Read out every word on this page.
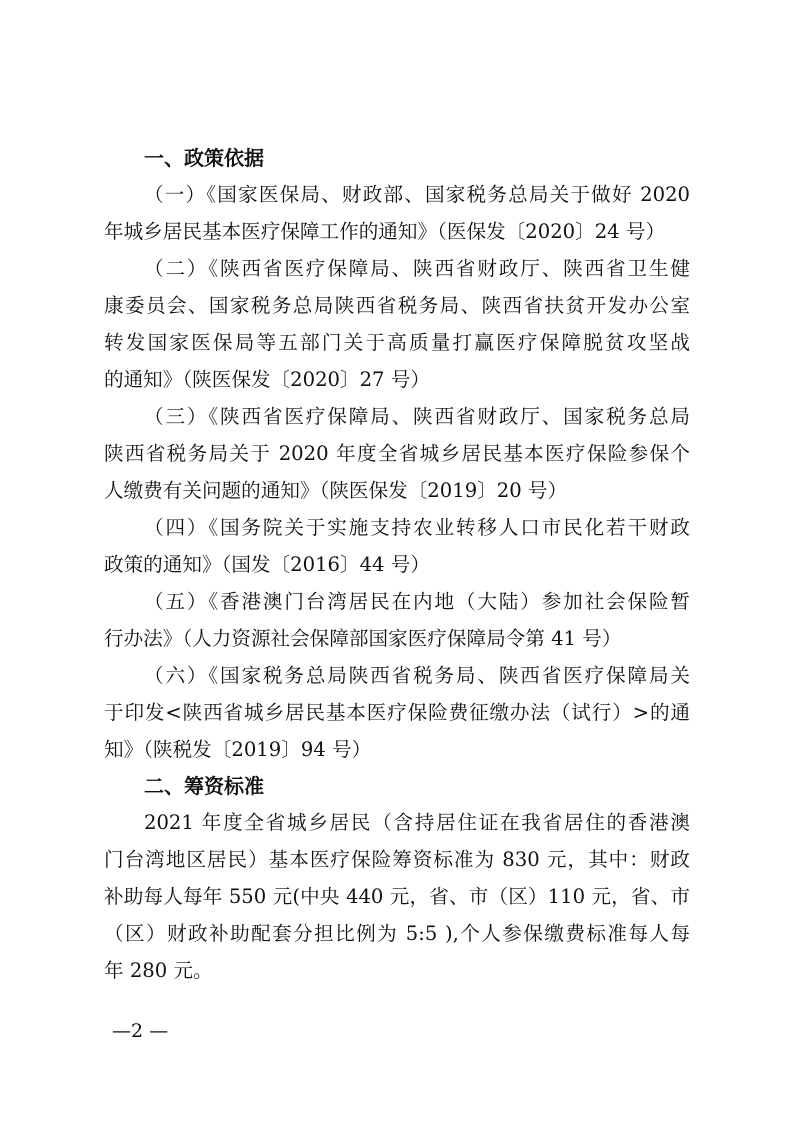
一、政策依据

（一）《国家医保局、财政部、国家税务总局关于做好 2020
年城乡居民基本医疗保障工作的通知》（医保发〔2020〕24 号）

（二）《陕西省医疗保障局、陕西省财政厅、陕西省卫生健
康委员会、国家税务总局陕西省税务局、陕西省扶贫开发办公室
转发国家医保局等五部门关于高质量打赢医疗保障脱贫攻坚战
的通知》（陕医保发〔2020〕27 号）

（三）《陕西省医疗保障局、陕西省财政厅、国家税务总局
陕西省税务局关于 2020 年度全省城乡居民基本医疗保险参保个
人缴费有关问题的通知》（陕医保发〔2019〕20 号）

（四）《国务院关于实施支持农业转移人口市民化若干财政
政策的通知》（国发〔2016〕44 号）

（五）《香港澳门台湾居民在内地（大陆）参加社会保险暂
行办法》（人力资源社会保障部国家医疗保障局令第 41 号）

（六）《国家税务总局陕西省税务局、陕西省医疗保障局关
于印发<陕西省城乡居民基本医疗保险费征缴办法（试行）>的通
知》（陕税发〔2019〕94 号）

二、筹资标准

2021 年度全省城乡居民（含持居住证在我省居住的香港澳
门台湾地区居民）基本医疗保险筹资标准为 830 元，其中：财政
补助每人每年 550 元(中央 440 元，省、市（区）110 元，省、市
（区）财政补助配套分担比例为 5:5 ),个人参保缴费标准每人每
年 280 元。

—2 —
